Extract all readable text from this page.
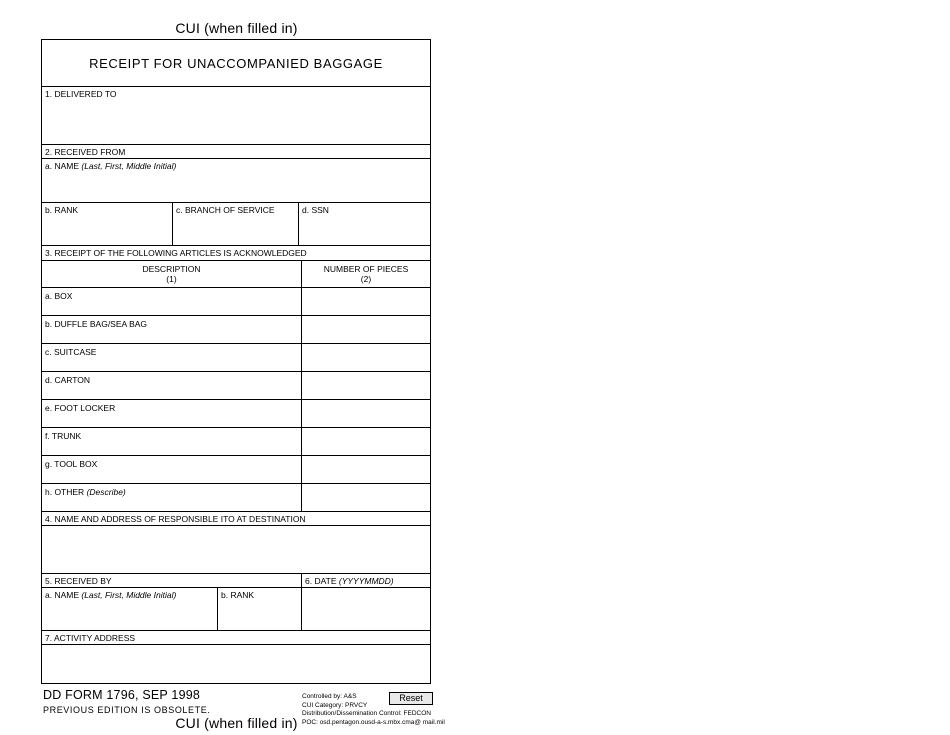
CUI (when filled in)
RECEIPT FOR UNACCOMPANIED BAGGAGE
1. DELIVERED TO
2. RECEIVED FROM
a. NAME (Last, First, Middle Initial)
b. RANK	c. BRANCH OF SERVICE	d. SSN
3. RECEIPT OF THE FOLLOWING ARTICLES IS ACKNOWLEDGED
DESCRIPTION
(1)
NUMBER OF PIECES
(2)
a. BOX
b. DUFFLE BAG/SEA BAG
c. SUITCASE
d. CARTON
e. FOOT LOCKER
f. TRUNK
g. TOOL BOX
h. OTHER (Describe)
4. NAME AND ADDRESS OF RESPONSIBLE ITO AT DESTINATION
5. RECEIVED BY	6. DATE (YYYYMMDD)
a. NAME (Last, First, Middle Initial)	b. RANK
7. ACTIVITY ADDRESS
DD FORM 1796, SEP 1998
PREVIOUS EDITION IS OBSOLETE.
Controlled by: A&S
CUI Category: PRVCY
Distribution/Dissemination Control: FEDCON
POC: osd.pentagon.ousd-a-s.mbx.cma@ mail.mil
Reset
CUI (when filled in)
